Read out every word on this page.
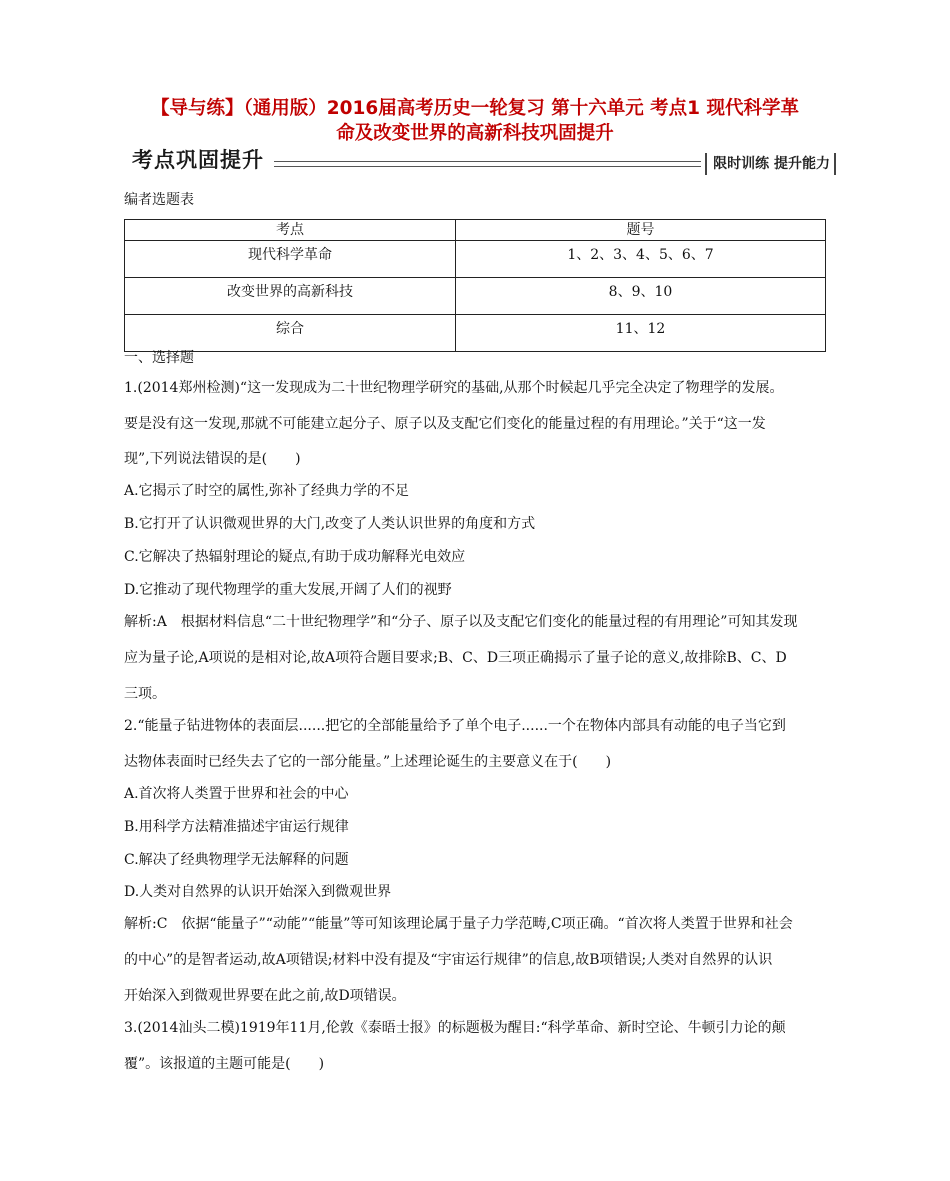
【导与练】（通用版）2016届高考历史一轮复习 第十六单元 考点1 现代科学革
命及改变世界的高新科技巩固提升
考点巩固提升	限时训练 提升能力
编者选题表
考点	题号
现代科学革命	1、2、3、4、5、6、7
改变世界的高新科技	8、9、10
综合	11、12
一、选择题
1.(2014郑州检测)“这一发现成为二十世纪物理学研究的基础,从那个时候起几乎完全决定了物理学的发展。
要是没有这一发现,那就不可能建立起分子、原子以及支配它们变化的能量过程的有用理论。”关于“这一发
现”,下列说法错误的是(　　)
A.它揭示了时空的属性,弥补了经典力学的不足
B.它打开了认识微观世界的大门,改变了人类认识世界的角度和方式
C.它解决了热辐射理论的疑点,有助于成功解释光电效应
D.它推动了现代物理学的重大发展,开阔了人们的视野
解析:A　根据材料信息“二十世纪物理学”和“分子、原子以及支配它们变化的能量过程的有用理论”可知其发现
应为量子论,A项说的是相对论,故A项符合题目要求;B、C、D三项正确揭示了量子论的意义,故排除B、C、D
三项。
2.“能量子钻进物体的表面层......把它的全部能量给予了单个电子......一个在物体内部具有动能的电子当它到
达物体表面时已经失去了它的一部分能量。”上述理论诞生的主要意义在于(　　)
A.首次将人类置于世界和社会的中心
B.用科学方法精准描述宇宙运行规律
C.解决了经典物理学无法解释的问题
D.人类对自然界的认识开始深入到微观世界
解析:C　依据“能量子”“动能”“能量”等可知该理论属于量子力学范畴,C项正确。“首次将人类置于世界和社会
的中心”的是智者运动,故A项错误;材料中没有提及“宇宙运行规律”的信息,故B项错误;人类对自然界的认识
开始深入到微观世界要在此之前,故D项错误。
3.(2014汕头二模)1919年11月,伦敦《泰晤士报》的标题极为醒目:“科学革命、新时空论、牛顿引力论的颠
覆”。该报道的主题可能是(　　)
